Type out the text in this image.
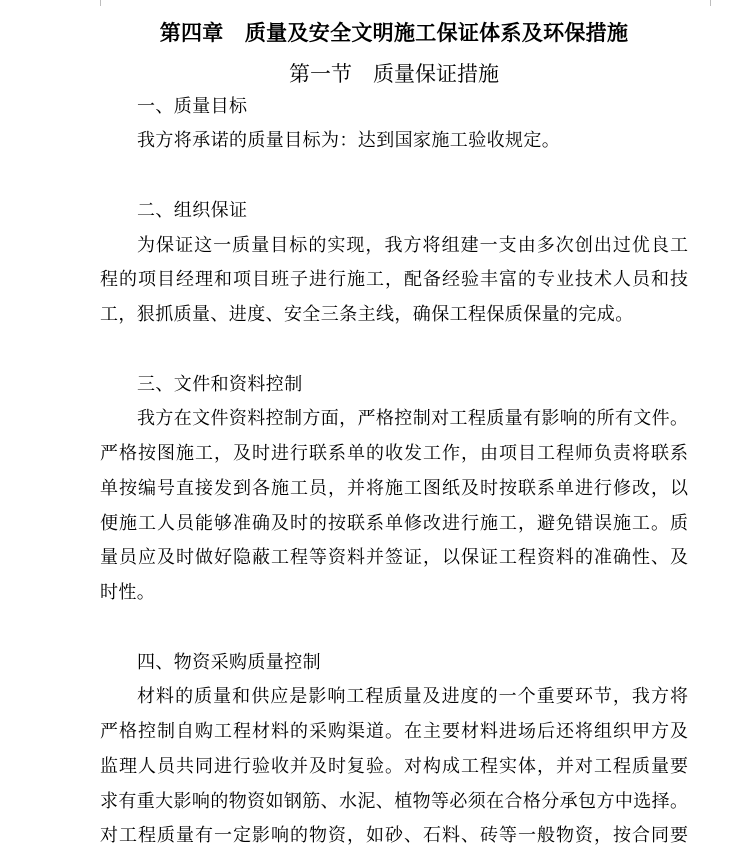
第四章　质量及安全文明施工保证体系及环保措施
第一节　质量保证措施
一、质量目标

我方将承诺的质量目标为：达到国家施工验收规定。

二、组织保证

为保证这一质量目标的实现，我方将组建一支由多次创出过优良工

程的项目经理和项目班子进行施工，配备经验丰富的专业技术人员和技

工，狠抓质量、进度、安全三条主线，确保工程保质保量的完成。

三、文件和资料控制

我方在文件资料控制方面，严格控制对工程质量有影响的所有文件。

严格按图施工，及时进行联系单的收发工作，由项目工程师负责将联系

单按编号直接发到各施工员，并将施工图纸及时按联系单进行修改，以

便施工人员能够准确及时的按联系单修改进行施工，避免错误施工。质

量员应及时做好隐蔽工程等资料并签证，以保证工程资料的准确性、及

时性。

四、物资采购质量控制

材料的质量和供应是影响工程质量及进度的一个重要环节，我方将

严格控制自购工程材料的采购渠道。在主要材料进场后还将组织甲方及

监理人员共同进行验收并及时复验。对构成工程实体，并对工程质量要

求有重大影响的物资如钢筋、水泥、植物等必须在合格分承包方中选择。

对工程质量有一定影响的物资，如砂、石料、砖等一般物资，按合同要
